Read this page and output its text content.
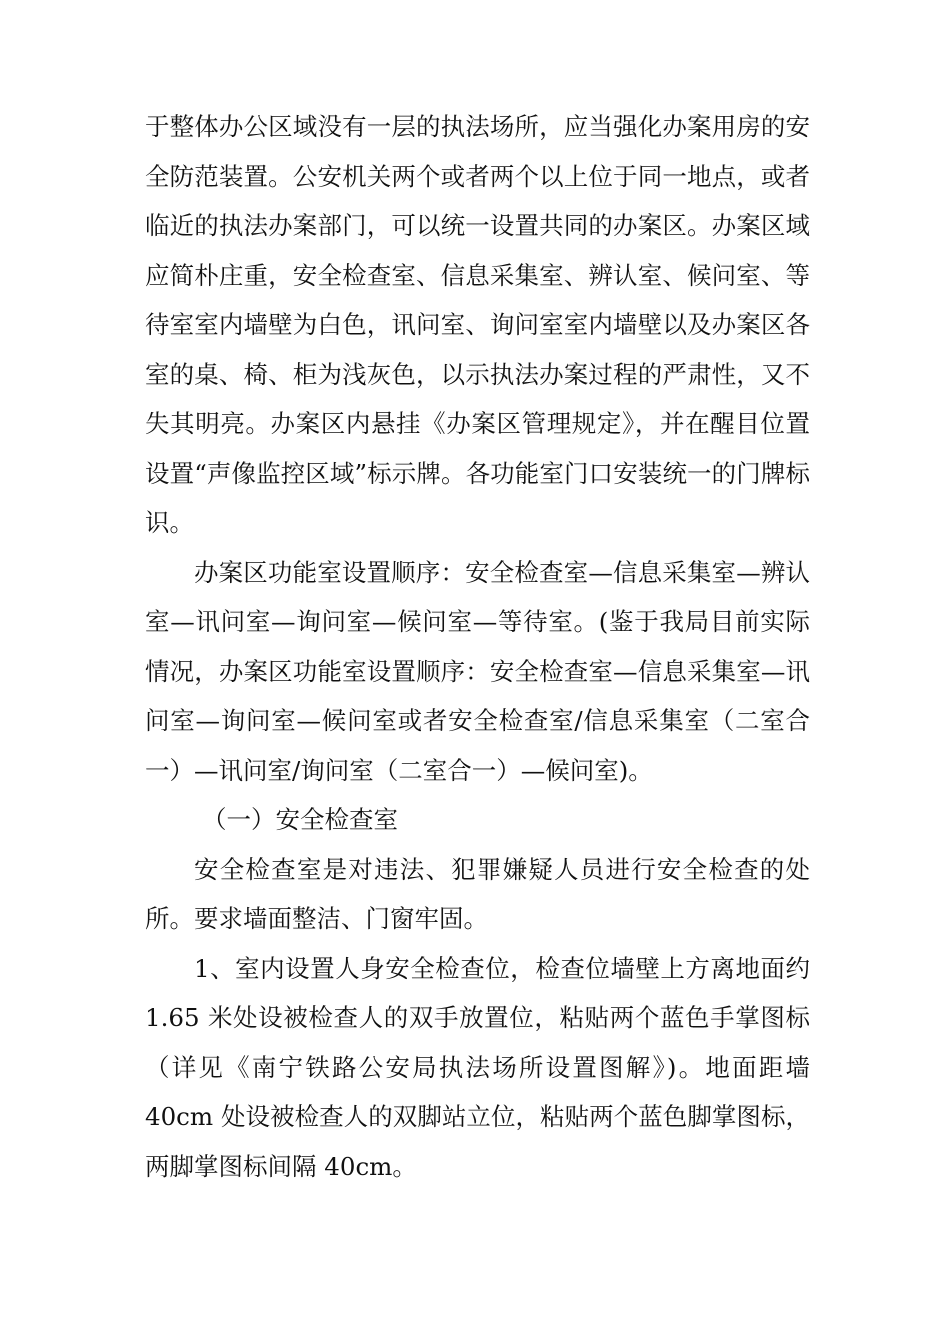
于整体办公区域没有一层的执法场所，应当强化办案用房的安全防范装置。公安机关两个或者两个以上位于同一地点，或者临近的执法办案部门，可以统一设置共同的办案区。办案区域应简朴庄重，安全检查室、信息采集室、辨认室、候问室、等待室室内墙壁为白色，讯问室、询问室室内墙壁以及办案区各室的桌、椅、柜为浅灰色，以示执法办案过程的严肃性，又不失其明亮。办案区内悬挂《办案区管理规定》，并在醒目位置设置“声像监控区域”标示牌。各功能室门口安装统一的门牌标识。

办案区功能室设置顺序：安全检查室—信息采集室—辨认室—讯问室—询问室—候问室—等待室。(鉴于我局目前实际情况，办案区功能室设置顺序：安全检查室—信息采集室—讯问室—询问室—候问室或者安全检查室/信息采集室（二室合一）—讯问室/询问室（二室合一）—候问室)。

（一）安全检查室

安全检查室是对违法、犯罪嫌疑人员进行安全检查的处所。要求墙面整洁、门窗牢固。

1、室内设置人身安全检查位，检查位墙壁上方离地面约 1.65 米处设被检查人的双手放置位，粘贴两个蓝色手掌图标（详见《南宁铁路公安局执法场所设置图解》)。地面距墙 40cm 处设被检查人的双脚站立位，粘贴两个蓝色脚掌图标，两脚掌图标间隔 40cm。
